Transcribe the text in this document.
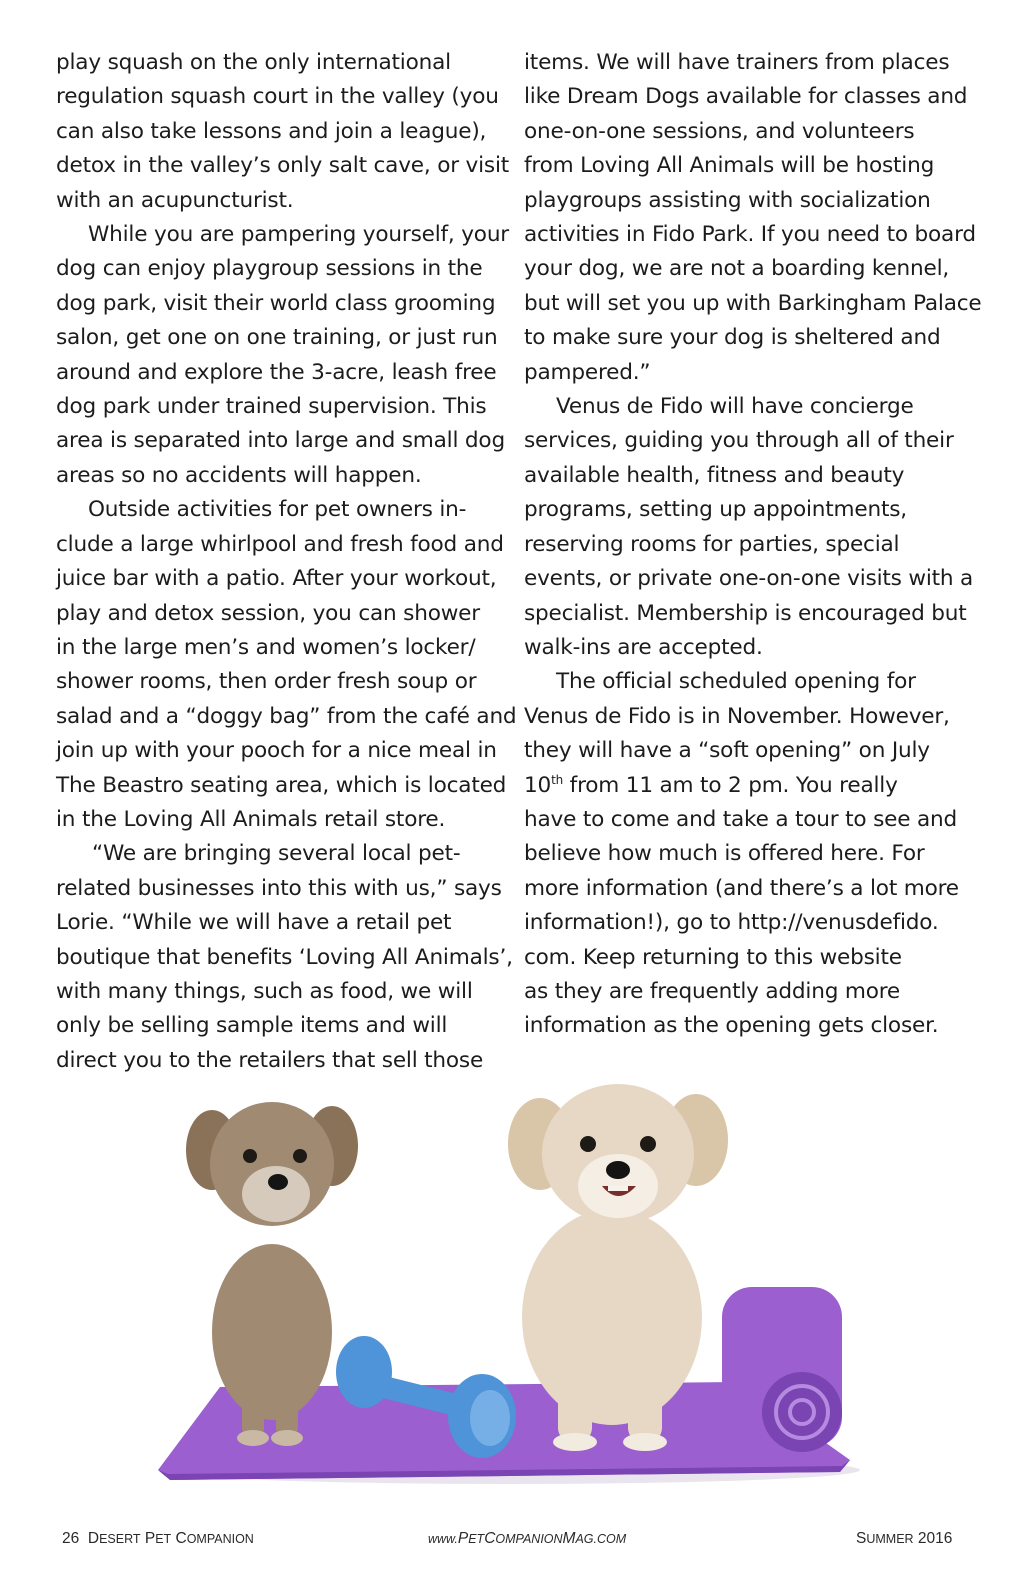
play squash on the only international
regulation squash court in the valley (you
can also take lessons and join a league),
detox in the valley’s only salt cave, or visit
with an acupuncturist.
While you are pampering yourself, your
dog can enjoy playgroup sessions in the
dog park, visit their world class grooming
salon, get one on one training, or just run
around and explore the 3-acre, leash free
dog park under trained supervision. This
area is separated into large and small dog
areas so no accidents will happen.
Outside activities for pet owners in-
clude a large whirlpool and fresh food and
juice bar with a patio. After your workout,
play and detox session, you can shower
in the large men’s and women’s locker/
shower rooms, then order fresh soup or
salad and a “doggy bag” from the café and
join up with your pooch for a nice meal in
The Beastro seating area, which is located
in the Loving All Animals retail store.
“We are bringing several local pet-
related businesses into this with us,” says
Lorie. “While we will have a retail pet
boutique that benefits ‘Loving All Animals’,
with many things, such as food, we will
only be selling sample items and will
direct you to the retailers that sell those
items. We will have trainers from places
like Dream Dogs available for classes and
one-on-one sessions, and volunteers
from Loving All Animals will be hosting
playgroups assisting with socialization
activities in Fido Park. If you need to board
your dog, we are not a boarding kennel,
but will set you up with Barkingham Palace
to make sure your dog is sheltered and
pampered.”
Venus de Fido will have concierge
services, guiding you through all of their
available health, fitness and beauty
programs, setting up appointments,
reserving rooms for parties, special
events, or private one-on-one visits with a
specialist. Membership is encouraged but
walk-ins are accepted.
The official scheduled opening for
Venus de Fido is in November. However,
they will have a “soft opening” on July
10th from 11 am to 2 pm. You really
have to come and take a tour to see and
believe how much is offered here. For
more information (and there’s a lot more
information!), go to http://venusdefido.
com. Keep returning to this website
as they are frequently adding more
information as the opening gets closer.
26 DESERT PET COMPANION	www.PETCOMPANIONMAG.COM	SUMMER 2016
